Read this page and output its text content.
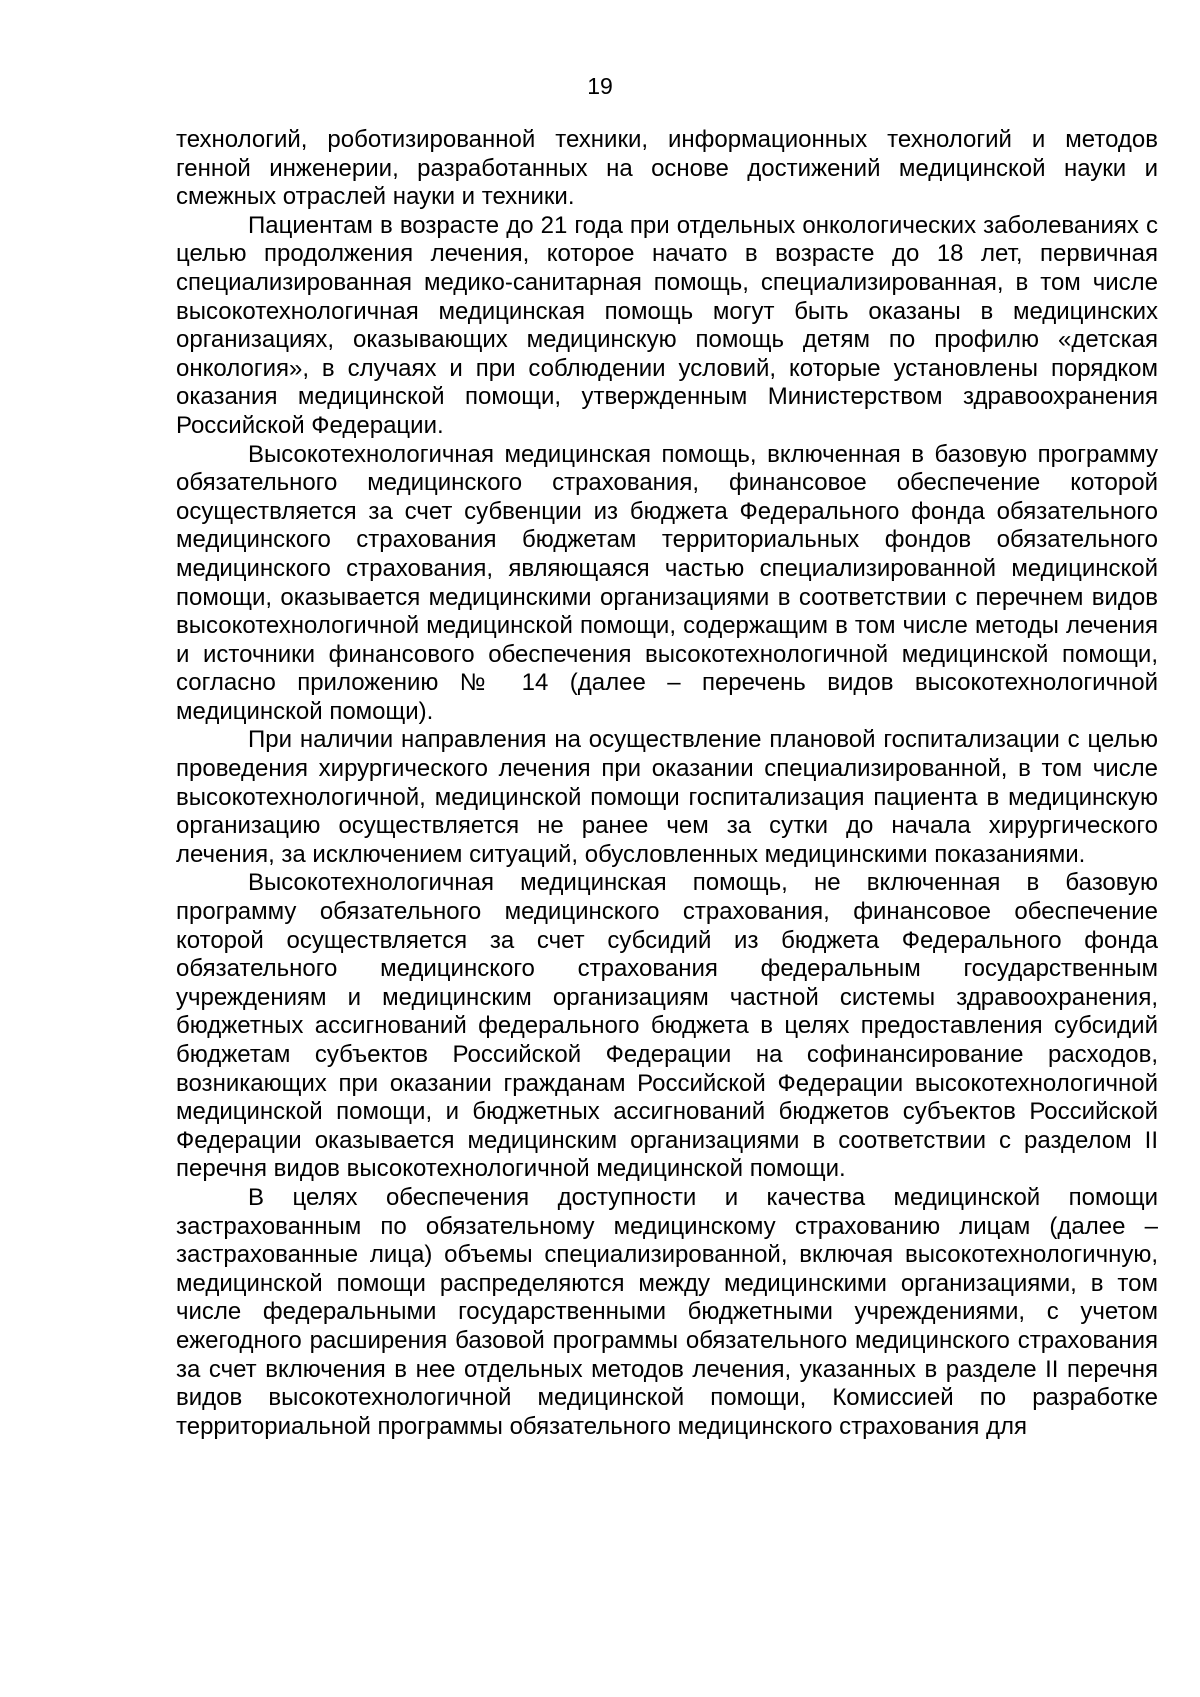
19

технологий, роботизированной техники, информационных технологий и методов генной инженерии, разработанных на основе достижений медицинской науки и смежных отраслей науки и техники.

Пациентам в возрасте до 21 года при отдельных онкологических заболеваниях с целью продолжения лечения, которое начато в возрасте до 18 лет, первичная специализированная медико-санитарная помощь, специализированная, в том числе высокотехнологичная медицинская помощь могут быть оказаны в медицинских организациях, оказывающих медицинскую помощь детям по профилю «детская онкология», в случаях и при соблюдении условий, которые установлены порядком оказания медицинской помощи, утвержденным Министерством здравоохранения Российской Федерации.

Высокотехнологичная медицинская помощь, включенная в базовую программу обязательного медицинского страхования, финансовое обеспечение которой осуществляется за счет субвенции из бюджета Федерального фонда обязательного медицинского страхования бюджетам территориальных фондов обязательного медицинского страхования, являющаяся частью специализированной медицинской помощи, оказывается медицинскими организациями в соответствии с перечнем видов высокотехнологичной медицинской помощи, содержащим в том числе методы лечения и источники финансового обеспечения высокотехнологичной медицинской помощи, согласно приложению № 14 (далее – перечень видов высокотехнологичной медицинской помощи).

При наличии направления на осуществление плановой госпитализации с целью проведения хирургического лечения при оказании специализированной, в том числе высокотехнологичной, медицинской помощи госпитализация пациента в медицинскую организацию осуществляется не ранее чем за сутки до начала хирургического лечения, за исключением ситуаций, обусловленных медицинскими показаниями.

Высокотехнологичная медицинская помощь, не включенная в базовую программу обязательного медицинского страхования, финансовое обеспечение которой осуществляется за счет субсидий из бюджета Федерального фонда обязательного медицинского страхования федеральным государственным учреждениям и медицинским организациям частной системы здравоохранения, бюджетных ассигнований федерального бюджета в целях предоставления субсидий бюджетам субъектов Российской Федерации на софинансирование расходов, возникающих при оказании гражданам Российской Федерации высокотехнологичной медицинской помощи, и бюджетных ассигнований бюджетов субъектов Российской Федерации оказывается медицинским организациями в соответствии с разделом II перечня видов высокотехнологичной медицинской помощи.

В целях обеспечения доступности и качества медицинской помощи застрахованным по обязательному медицинскому страхованию лицам (далее – застрахованные лица) объемы специализированной, включая высокотехнологичную, медицинской помощи распределяются между медицинскими организациями, в том числе федеральными государственными бюджетными учреждениями, с учетом ежегодного расширения базовой программы обязательного медицинского страхования за счет включения в нее отдельных методов лечения, указанных в разделе II перечня видов высокотехнологичной медицинской помощи, Комиссией по разработке территориальной программы обязательного медицинского страхования для
